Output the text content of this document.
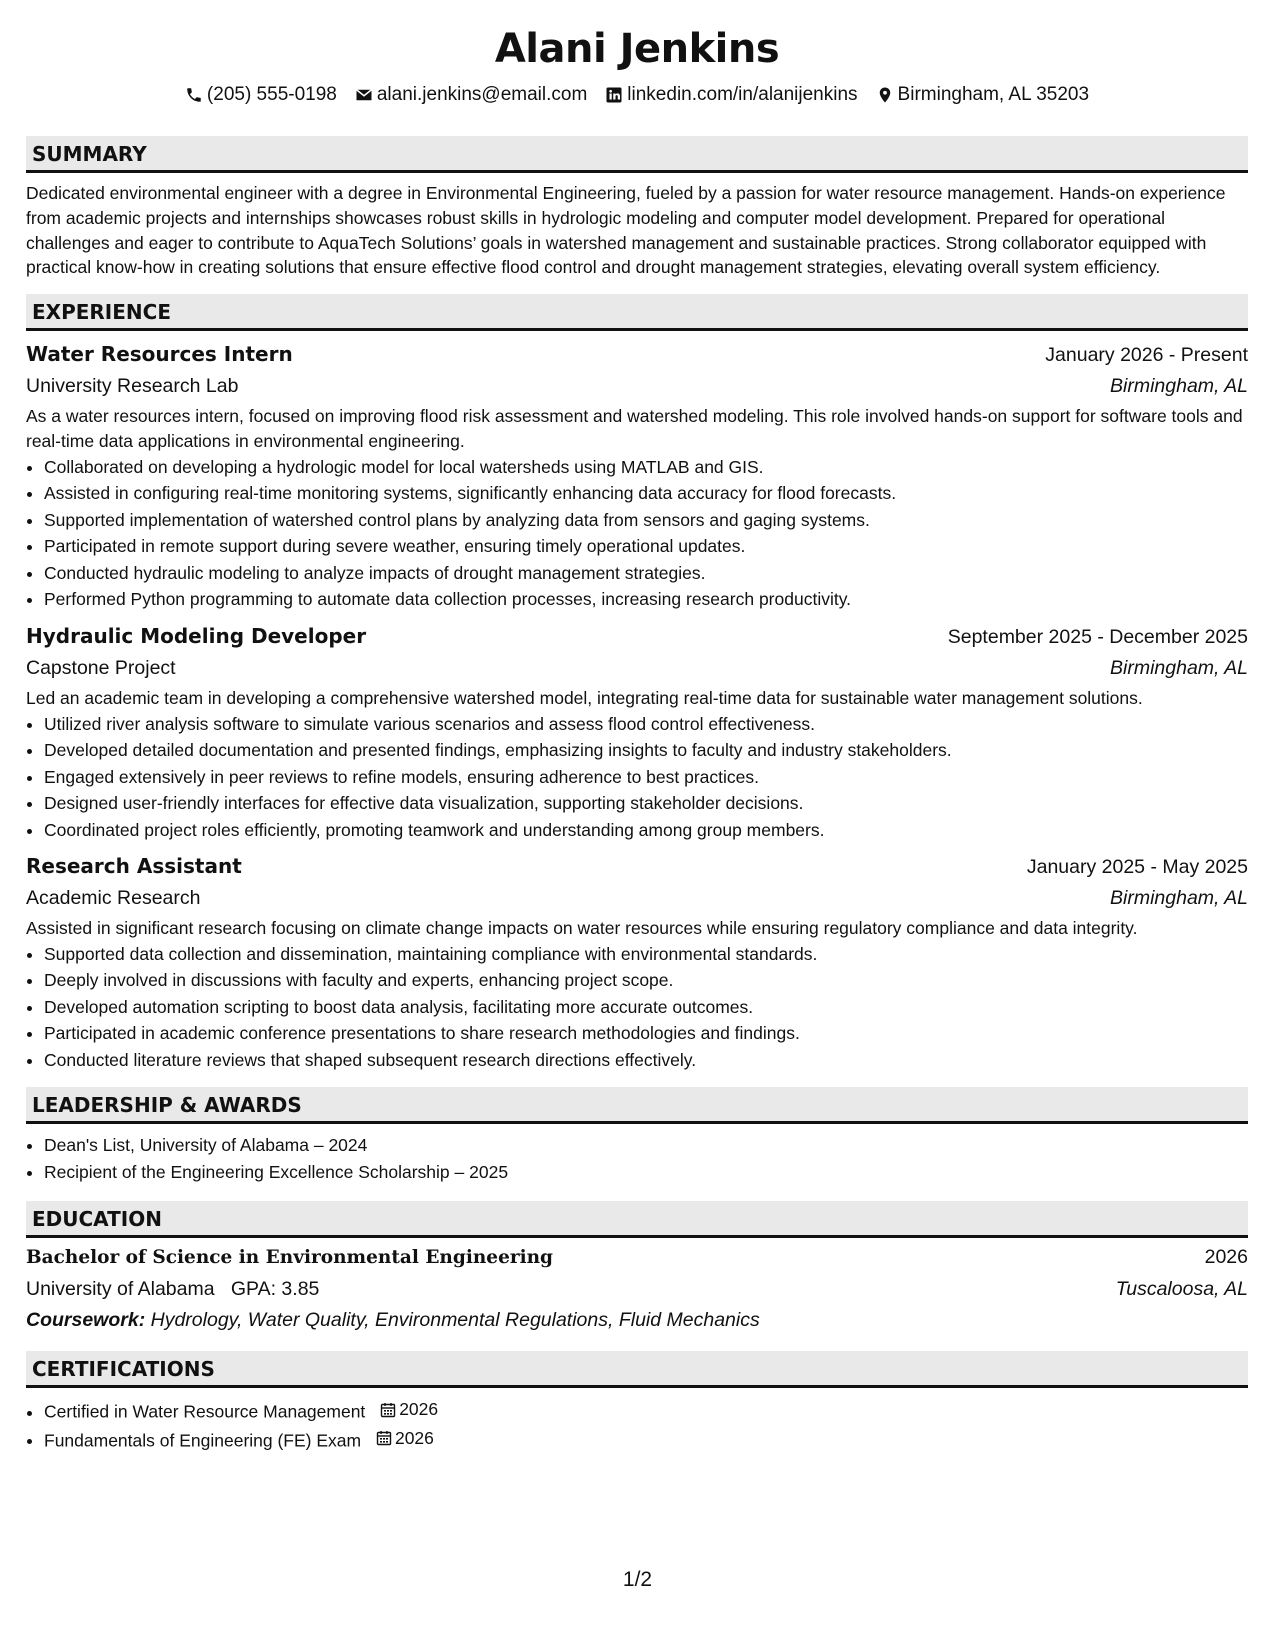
Alani Jenkins
(205) 555-0198 alani.jenkins@email.com linkedin.com/in/alanijenkins Birmingham, AL 35203
SUMMARY

Dedicated environmental engineer with a degree in Environmental Engineering, fueled by a passion for water resource management. Hands-on experience from academic projects and internships showcases robust skills in hydrologic modeling and computer model development. Prepared for operational challenges and eager to contribute to AquaTech Solutions’ goals in watershed management and sustainable practices. Strong collaborator equipped with practical know-how in creating solutions that ensure effective flood control and drought management strategies, elevating overall system efficiency.

EXPERIENCE
Water Resources Intern	January 2026 - Present
University Research Lab	Birmingham, AL
As a water resources intern, focused on improving flood risk assessment and watershed modeling. This role involved hands-on support for software tools and real-time data applications in environmental engineering.
• Collaborated on developing a hydrologic model for local watersheds using MATLAB and GIS.
• Assisted in configuring real-time monitoring systems, significantly enhancing data accuracy for flood forecasts.
• Supported implementation of watershed control plans by analyzing data from sensors and gaging systems.
• Participated in remote support during severe weather, ensuring timely operational updates.
• Conducted hydraulic modeling to analyze impacts of drought management strategies.
• Performed Python programming to automate data collection processes, increasing research productivity.
Hydraulic Modeling Developer	September 2025 - December 2025
Capstone Project	Birmingham, AL
Led an academic team in developing a comprehensive watershed model, integrating real-time data for sustainable water management solutions.
• Utilized river analysis software to simulate various scenarios and assess flood control effectiveness.
• Developed detailed documentation and presented findings, emphasizing insights to faculty and industry stakeholders.
• Engaged extensively in peer reviews to refine models, ensuring adherence to best practices.
• Designed user-friendly interfaces for effective data visualization, supporting stakeholder decisions.
• Coordinated project roles efficiently, promoting teamwork and understanding among group members.
Research Assistant	January 2025 - May 2025
Academic Research	Birmingham, AL
Assisted in significant research focusing on climate change impacts on water resources while ensuring regulatory compliance and data integrity.
• Supported data collection and dissemination, maintaining compliance with environmental standards.
• Deeply involved in discussions with faculty and experts, enhancing project scope.
• Developed automation scripting to boost data analysis, facilitating more accurate outcomes.
• Participated in academic conference presentations to share research methodologies and findings.
• Conducted literature reviews that shaped subsequent research directions effectively.
LEADERSHIP & AWARDS
• Dean's List, University of Alabama – 2024
• Recipient of the Engineering Excellence Scholarship – 2025
EDUCATION
Bachelor of Science in Environmental Engineering	2026
University of Alabama GPA: 3.85	Tuscaloosa, AL
Coursework: Hydrology, Water Quality, Environmental Regulations, Fluid Mechanics
CERTIFICATIONS
• Certified in Water Resource Management 2026
• Fundamentals of Engineering (FE) Exam 2026
1/2
